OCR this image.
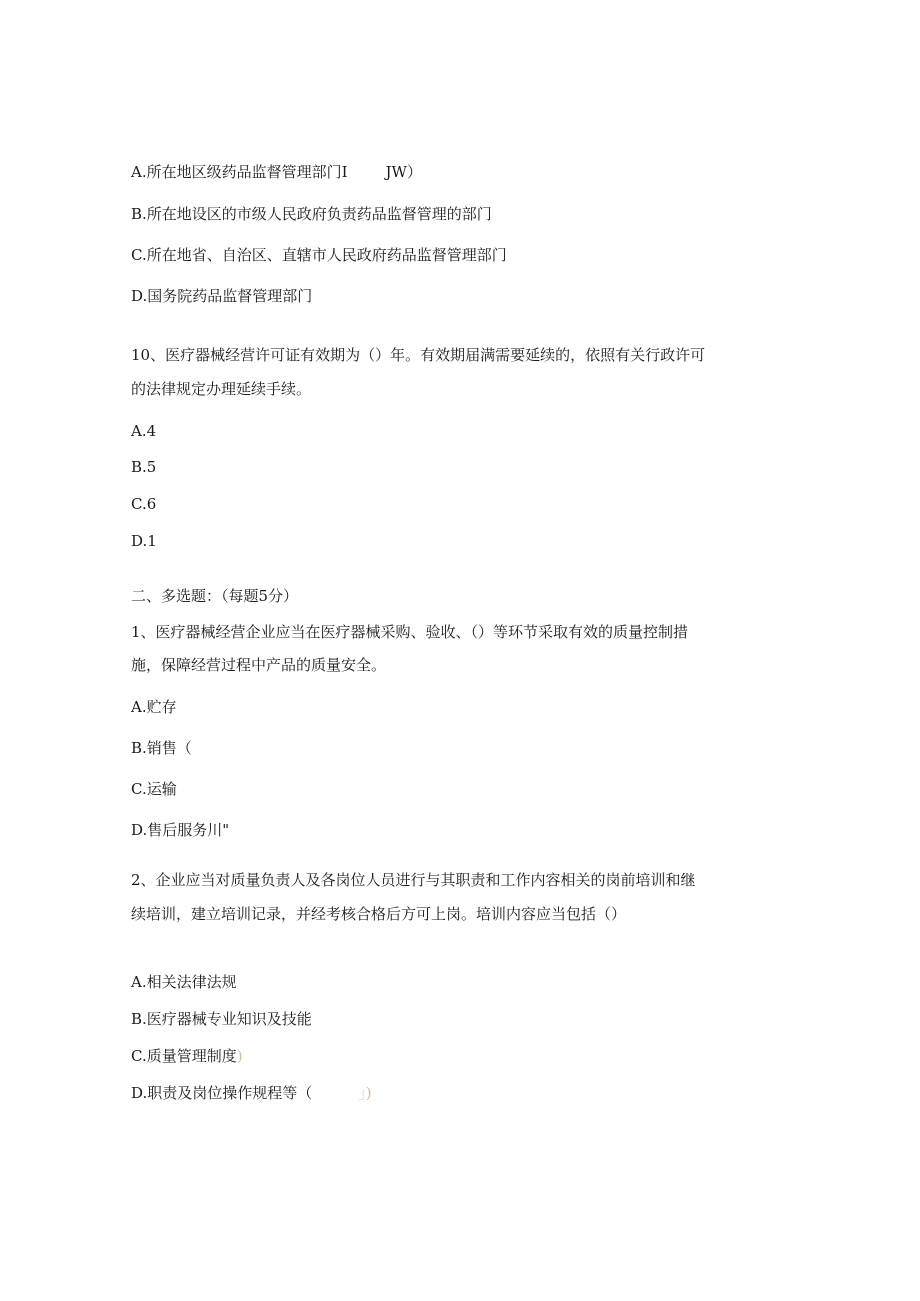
A.所在地区级药品监督管理部门I	JW）
B.所在地设区的市级人民政府负责药品监督管理的部门
C.所在地省、自治区、直辖市人民政府药品监督管理部门
D.国务院药品监督管理部门
10、医疗器械经营许可证有效期为（）年。有效期届满需要延续的，依照有关行政许可
的法律规定办理延续手续。
A.4
B.5
C.6
D.1
二、多选题：（每题5分）
1、医疗器械经营企业应当在医疗器械采购、验收、（）等环节采取有效的质量控制措
施，保障经营过程中产品的质量安全。
A.贮存
B.销售（
C.运输
D.售后服务川"
2、企业应当对质量负责人及各岗位人员进行与其职责和工作内容相关的岗前培训和继
续培训，建立培训记录，并经考核合格后方可上岗。培训内容应当包括（）
A.相关法律法规
B.医疗器械专业知识及技能
C.质量管理制度)
D.职责及岗位操作规程等（	」)
